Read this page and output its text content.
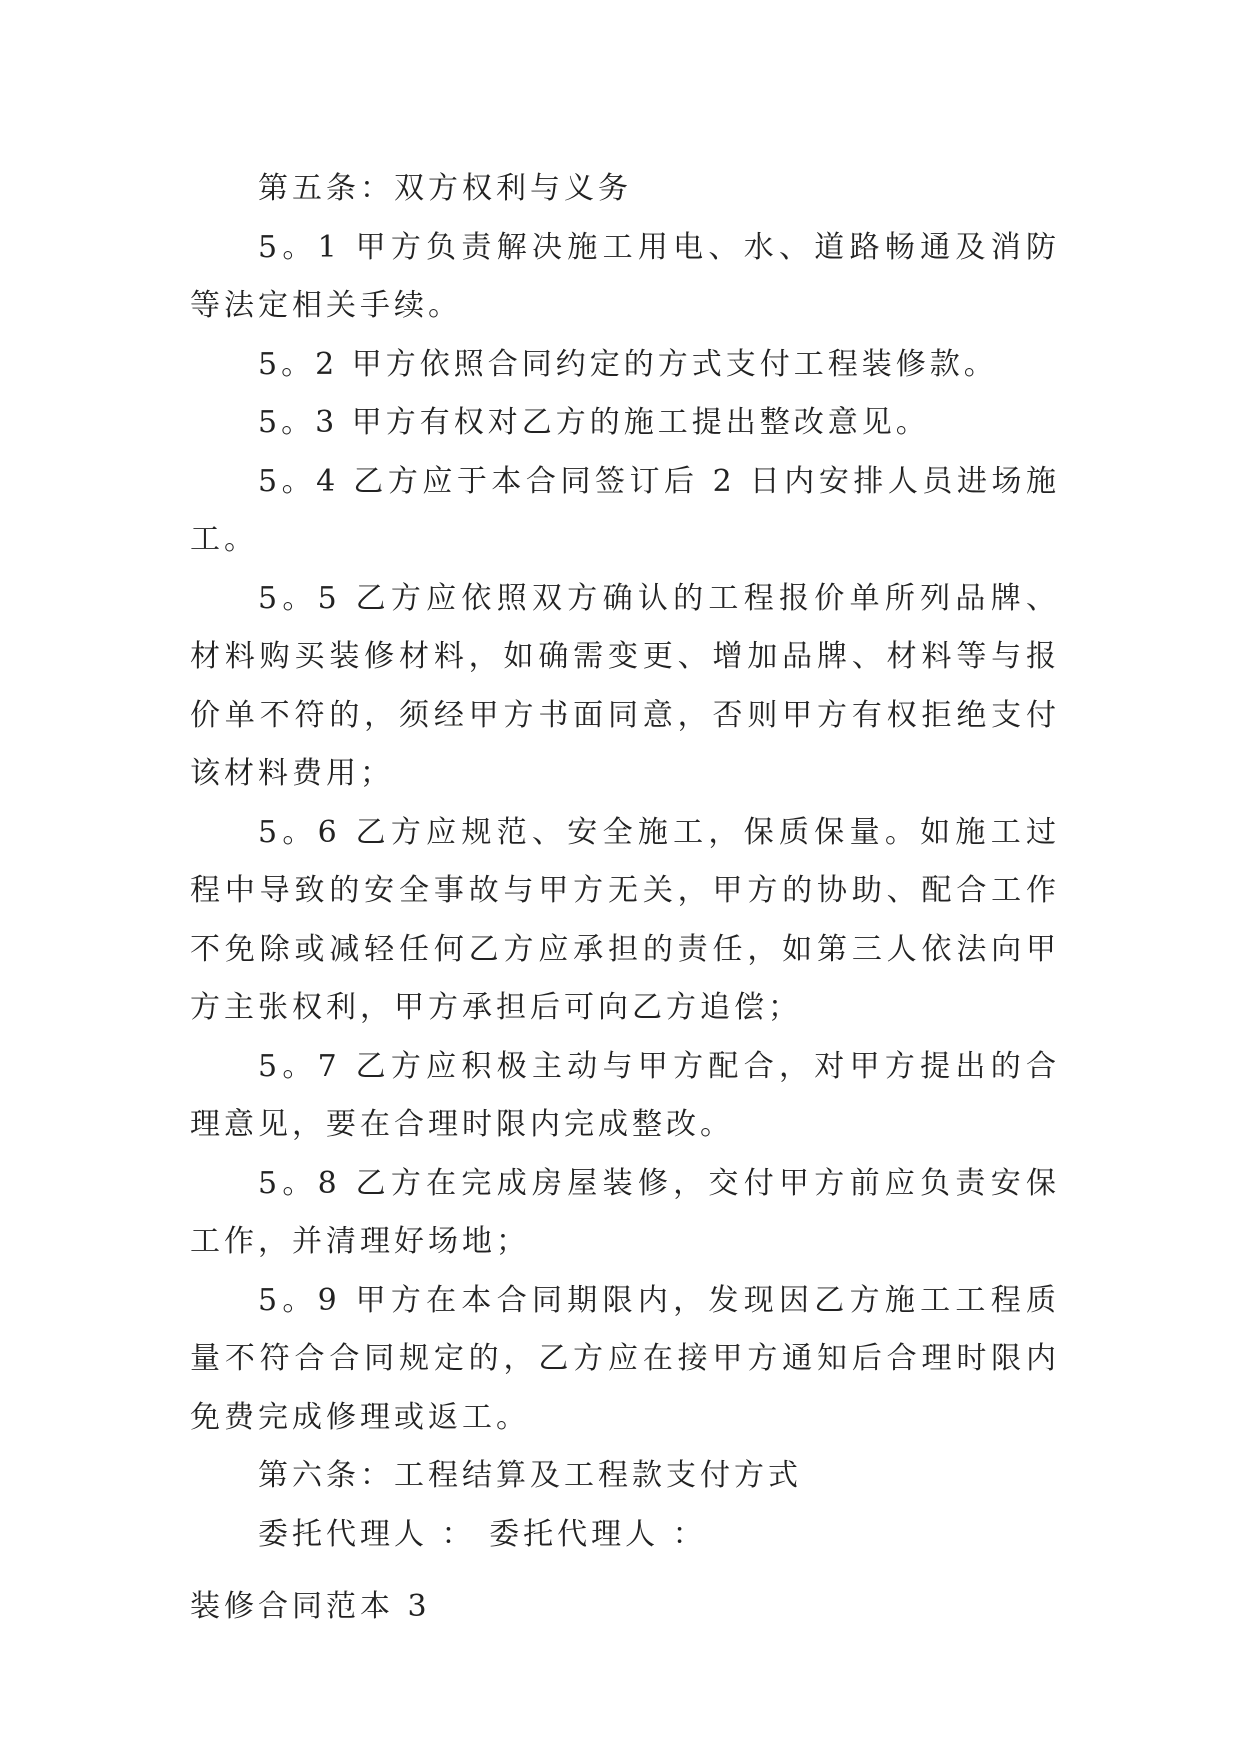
第五条：双方权利与义务

5。1 甲方负责解决施工用电、水、道路畅通及消防等法定相关手续。

5。2 甲方依照合同约定的方式支付工程装修款。

5。3 甲方有权对乙方的施工提出整改意见。

5。4 乙方应于本合同签订后 2 日内安排人员进场施工。

5。5 乙方应依照双方确认的工程报价单所列品牌、材料购买装修材料，如确需变更、增加品牌、材料等与报价单不符的，须经甲方书面同意，否则甲方有权拒绝支付该材料费用；

5。6 乙方应规范、安全施工，保质保量。如施工过程中导致的安全事故与甲方无关，甲方的协助、配合工作不免除或减轻任何乙方应承担的责任，如第三人依法向甲方主张权利，甲方承担后可向乙方追偿；

5。7 乙方应积极主动与甲方配合，对甲方提出的合理意见，要在合理时限内完成整改。

5。8 乙方在完成房屋装修，交付甲方前应负责安保工作，并清理好场地；

5。9 甲方在本合同期限内，发现因乙方施工工程质量不符合合同规定的，乙方应在接甲方通知后合理时限内免费完成修理或返工。

第六条：工程结算及工程款支付方式

委托代理人 ： 委托代理人 ：

装修合同范本 3
